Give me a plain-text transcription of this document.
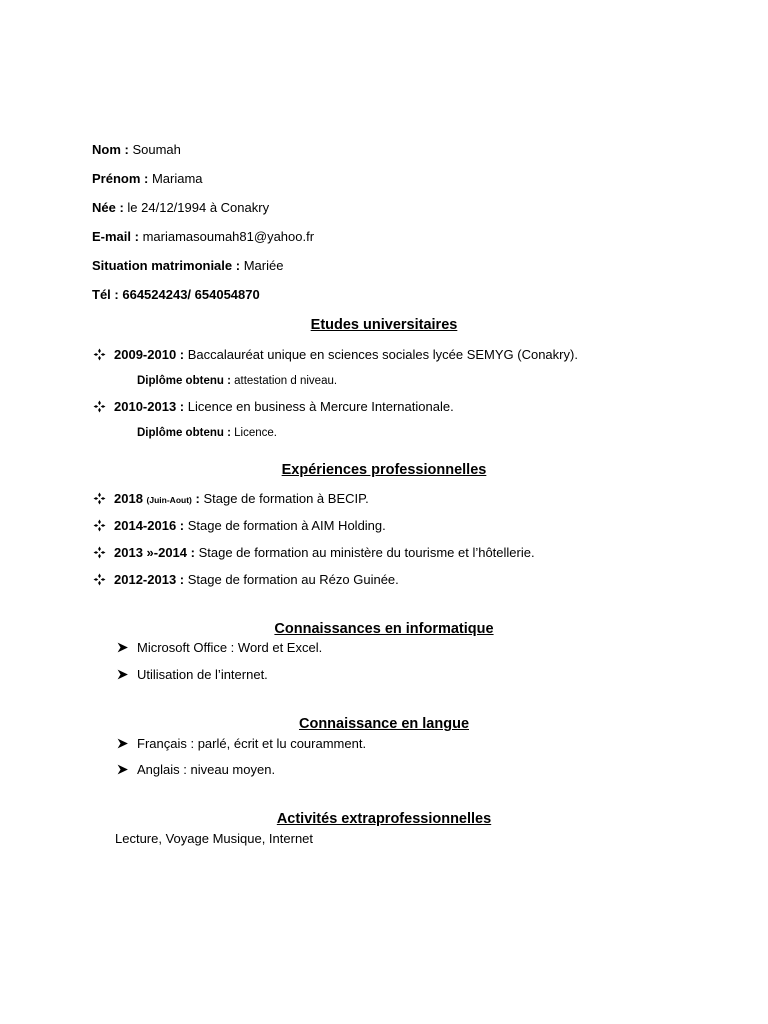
Nom : Soumah
Prénom : Mariama
Née : le 24/12/1994 à Conakry
E-mail : mariamasoumah81@yahoo.fr
Situation matrimoniale : Mariée
Tél : 664524243/ 654054870
Etudes universitaires
2009-2010 : Baccalauréat unique en sciences sociales lycée SEMYG (Conakry).
Diplôme obtenu : attestation d niveau.
2010-2013 : Licence en business à Mercure Internationale.
Diplôme obtenu : Licence.
Expériences professionnelles
2018 (Juin-Aout) : Stage de formation à BECIP.
2014-2016 : Stage de formation à AIM Holding.
2013 »-2014 : Stage de formation au ministère du tourisme et l’hôtellerie.
2012-2013 : Stage de formation au Rézo Guinée.
Connaissances en informatique
Microsoft Office : Word et Excel.
Utilisation de l’internet.
Connaissance en langue
Français : parlé, écrit et lu couramment.
Anglais : niveau moyen.
Activités extraprofessionnelles
Lecture, Voyage Musique, Internet
